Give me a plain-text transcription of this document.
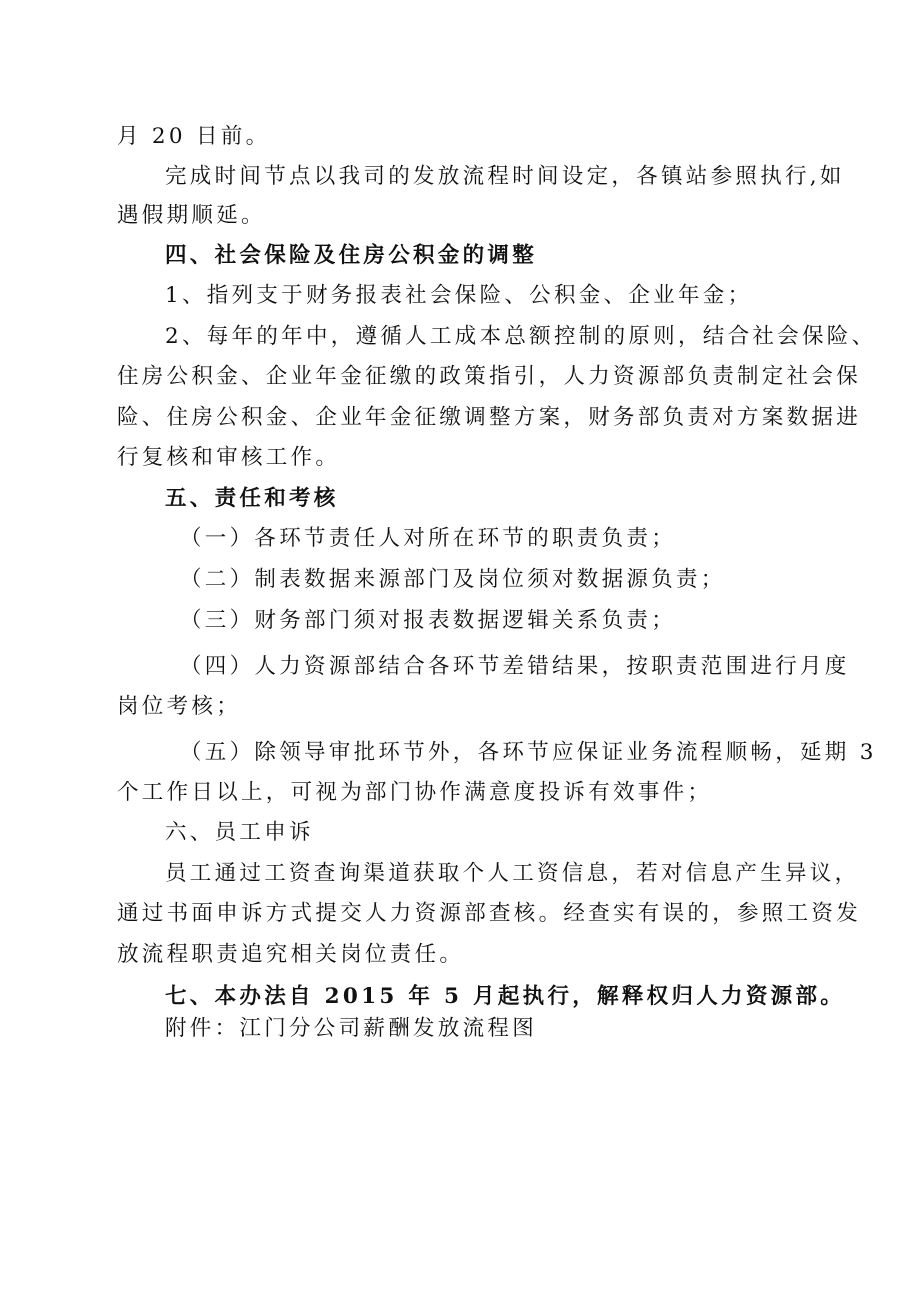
月 20 日前。
完成时间节点以我司的发放流程时间设定，各镇站参照执行,如
遇假期顺延。
四、社会保险及住房公积金的调整
1、指列支于财务报表社会保险、公积金、企业年金；
2、每年的年中，遵循人工成本总额控制的原则，结合社会保险、
住房公积金、企业年金征缴的政策指引，人力资源部负责制定社会保
险、住房公积金、企业年金征缴调整方案，财务部负责对方案数据进
行复核和审核工作。
五、责任和考核
（一）各环节责任人对所在环节的职责负责；
（二）制表数据来源部门及岗位须对数据源负责；
（三）财务部门须对报表数据逻辑关系负责；
（四）人力资源部结合各环节差错结果，按职责范围进行月度
岗位考核；
（五）除领导审批环节外，各环节应保证业务流程顺畅，延期 3
个工作日以上，可视为部门协作满意度投诉有效事件；
六、员工申诉
员工通过工资查询渠道获取个人工资信息，若对信息产生异议，
通过书面申诉方式提交人力资源部查核。经查实有误的，参照工资发
放流程职责追究相关岗位责任。
七、本办法自 2015 年 5 月起执行，解释权归人力资源部。
附件：江门分公司薪酬发放流程图
